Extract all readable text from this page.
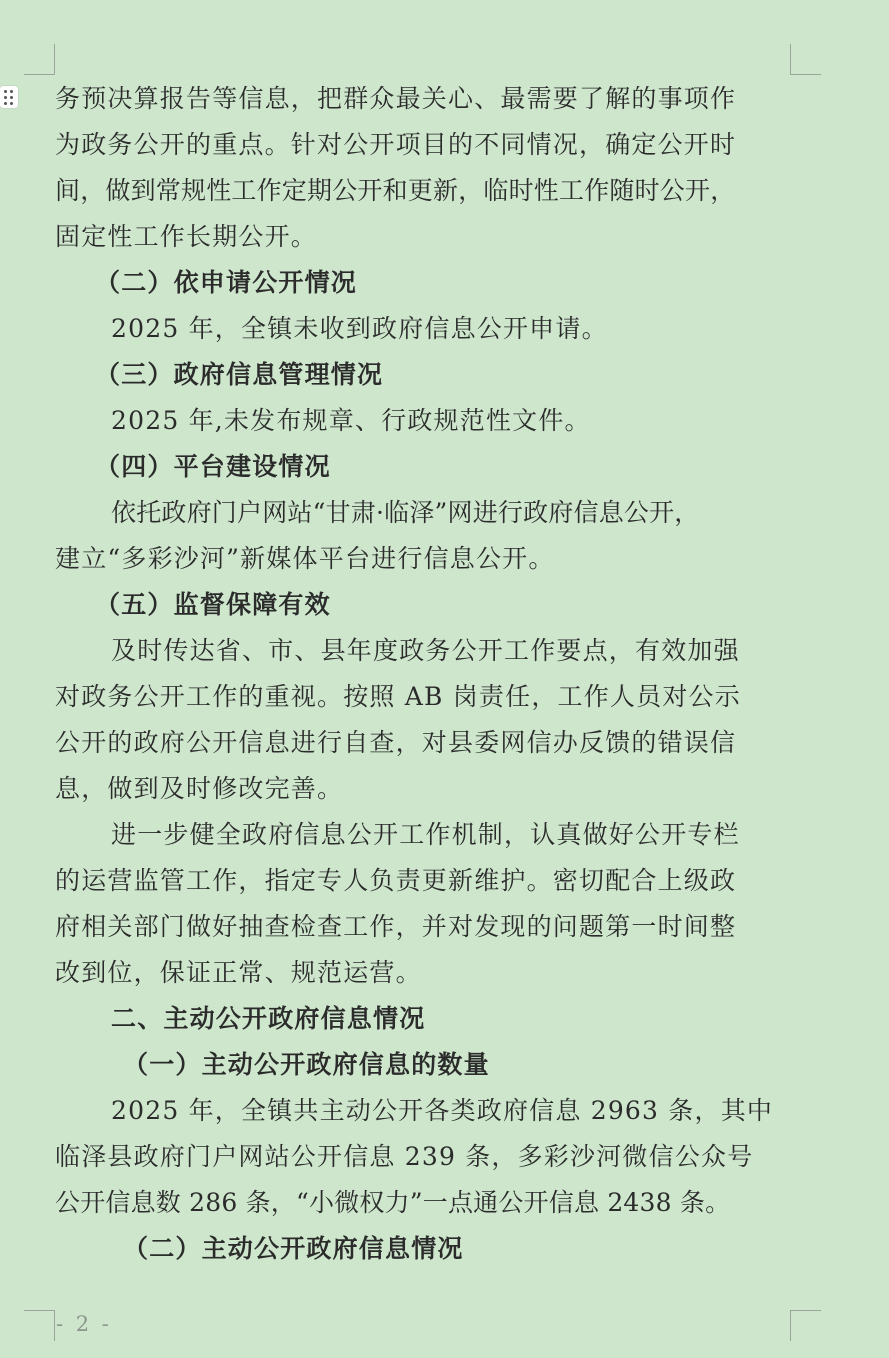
务预决算报告等信息，把群众最关心、最需要了解的事项作
为政务公开的重点。针对公开项目的不同情况，确定公开时
间，做到常规性工作定期公开和更新，临时性工作随时公开，
固定性工作长期公开。
（二）依申请公开情况
2025 年，全镇未收到政府信息公开申请。
（三）政府信息管理情况
2025 年,未发布规章、行政规范性文件。
（四）平台建设情况
依托政府门户网站“甘肃·临泽”网进行政府信息公开，
建立“多彩沙河”新媒体平台进行信息公开。
（五）监督保障有效
及时传达省、市、县年度政务公开工作要点，有效加强
对政务公开工作的重视。按照 AB 岗责任，工作人员对公示
公开的政府公开信息进行自查，对县委网信办反馈的错误信
息，做到及时修改完善。
进一步健全政府信息公开工作机制，认真做好公开专栏
的运营监管工作，指定专人负责更新维护。密切配合上级政
府相关部门做好抽查检查工作，并对发现的问题第一时间整
改到位，保证正常、规范运营。
二、主动公开政府信息情况
（一）主动公开政府信息的数量
2025 年，全镇共主动公开各类政府信息 2963 条，其中
临泽县政府门户网站公开信息 239 条，多彩沙河微信公众号
公开信息数 286 条，“小微权力”一点通公开信息 2438 条。
（二）主动公开政府信息情况
- 2 -
